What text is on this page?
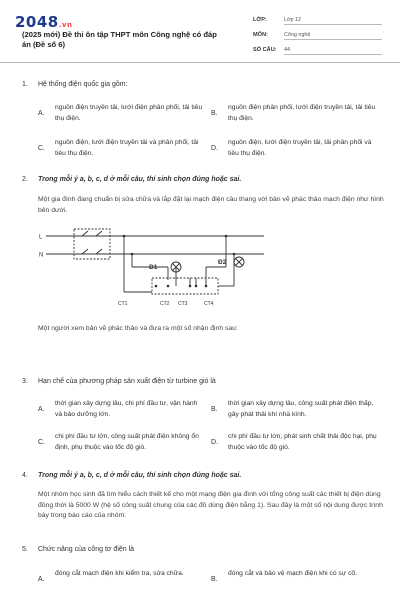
2048.vn
(2025 mới) Đề thi ôn tập THPT môn Công nghệ có đáp án (Đề số 6)
LỚP:	Lớp 12
MÔN:	Công nghệ
SỐ CÂU: 44
1. Hệ thống điện quốc gia gồm:
A.
nguồn điện truyền tải, lưới điện phân phối, tải tiêu thụ điện.
B.
nguồn điện phân phối, lưới điện truyền tải, tải tiêu thụ điện.
C.
nguồn điện, lưới điện truyền tải và phân phối, tải tiêu thụ điện.
D.
nguồn điện, lưới điện truyền tải, tải phân phối và tiêu thụ điện.
2. Trong mỗi ý a, b, c, d ở mỗi câu, thí sinh chọn đúng hoặc sai.
Một gia đình đang chuẩn bị sửa chữa và lắp đặt lại mạch điện cầu thang với bản vẽ phác thảo mạch điện như hình bên dưới.
L
N
Đ1
Đ2
CT1	CT2 CT3	CT4
Một người xem bản vẽ phác thảo và đưa ra một số nhận định sau:
3. Hạn chế của phương pháp sản xuất điện từ turbine gió là
A.
thời gian xây dựng lâu, chi phí đầu tư, vận hành và bảo dưỡng lớn.
B.
thời gian xây dựng lâu, công suất phát điện thấp, gây phát thải khí nhà kính.
C.
chi phí đầu tư lớn, công suất phát điện không ổn định, phụ thuộc vào tốc độ gió.
D.
chi phí đầu tư lớn, phát sinh chất thải độc hại, phụ thuộc vào tốc độ gió.
4. Trong mỗi ý a, b, c, d ở mỗi câu, thí sinh chọn đúng hoặc sai.
Một nhóm học sinh đã tìm hiểu cách thiết kế cho một mạng điện gia đình với tổng công suất các thiết bị điện dùng đồng thời là 5000 W (hệ số công suất chung của các đồ dùng điện bằng 1). Sau đây là một số nội dung được trình bày trong báo cáo của nhóm:
5. Chức năng của công tơ điện là
A.
đóng cắt mạch điện khi kiểm tra, sửa chữa.
B.
đóng cắt và bảo vệ mạch điện khi có sự cố.
